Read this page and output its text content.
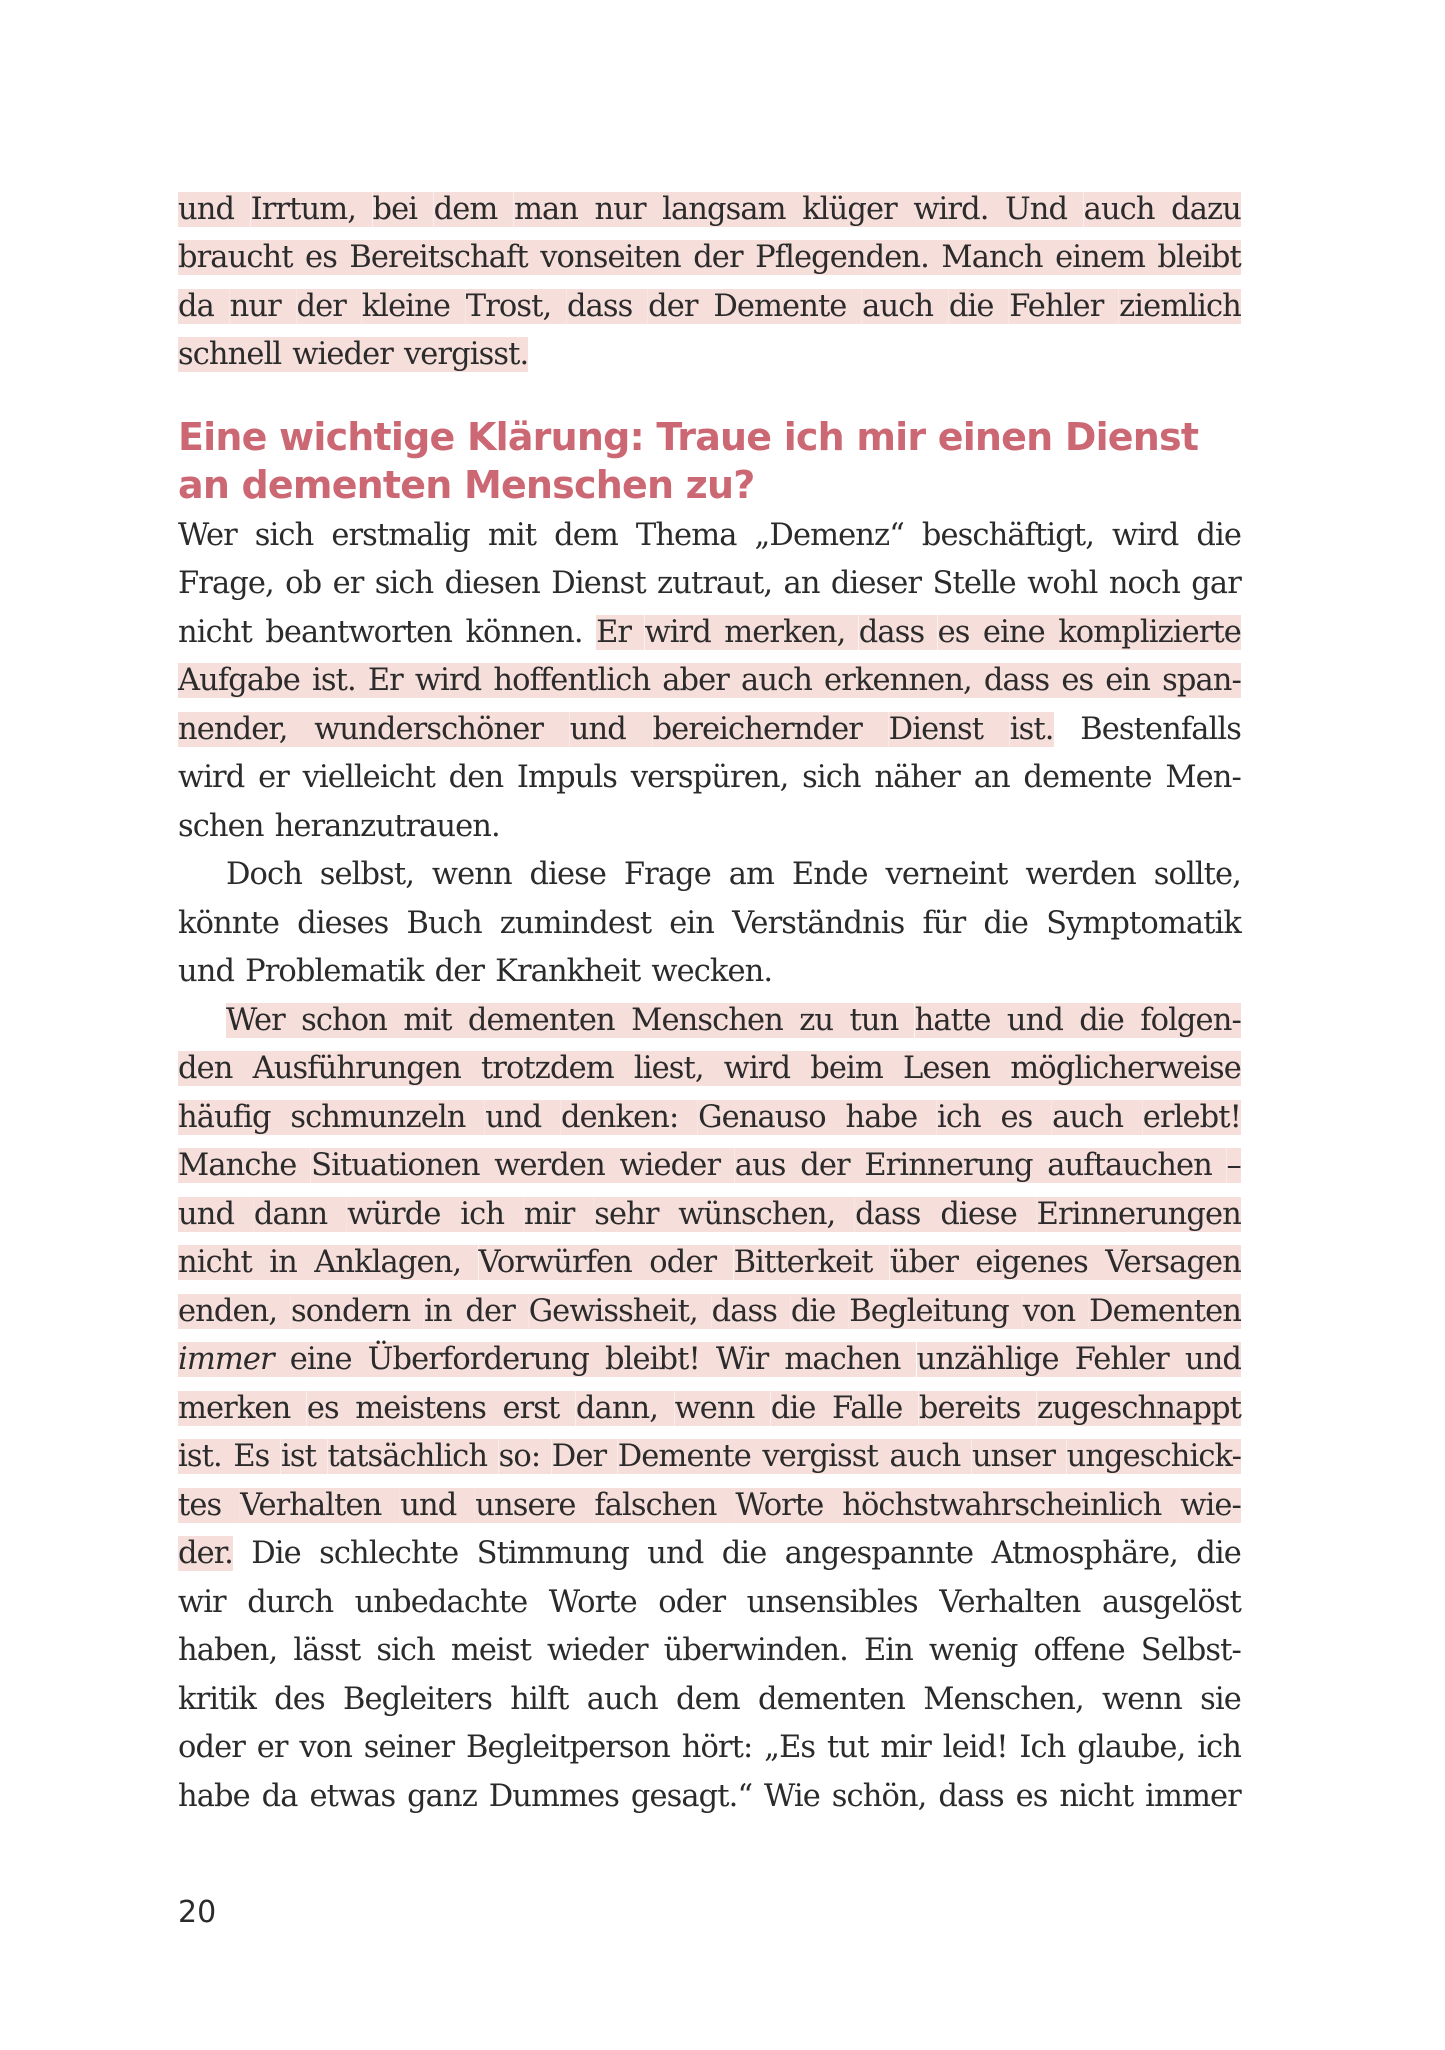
und Irrtum, bei dem man nur langsam klüger wird. Und auch dazu
braucht es Bereitschaft vonseiten der Pflegenden. Manch einem bleibt
da nur der kleine Trost, dass der Demente auch die Fehler ziemlich
schnell wieder vergisst.
Eine wichtige Klärung: Traue ich mir einen Dienst
an dementen Menschen zu?
Wer sich erstmalig mit dem Thema „Demenz“ beschäftigt, wird die
Frage, ob er sich diesen Dienst zutraut, an dieser Stelle wohl noch gar
nicht beantworten können. Er wird merken, dass es eine komplizierte
Aufgabe ist. Er wird hoffentlich aber auch erkennen, dass es ein span-
nender, wunderschöner und bereichernder Dienst ist. Bestenfalls
wird er vielleicht den Impuls verspüren, sich näher an demente Men-
schen heranzutrauen.
Doch selbst, wenn diese Frage am Ende verneint werden sollte,
könnte dieses Buch zumindest ein Verständnis für die Symptomatik
und Problematik der Krankheit wecken.
Wer schon mit dementen Menschen zu tun hatte und die folgen-
den Ausführungen trotzdem liest, wird beim Lesen möglicherweise
häufig schmunzeln und denken: Genauso habe ich es auch erlebt!
Manche Situationen werden wieder aus der Erinnerung auftauchen –
und dann würde ich mir sehr wünschen, dass diese Erinnerungen
nicht in Anklagen, Vorwürfen oder Bitterkeit über eigenes Versagen
enden, sondern in der Gewissheit, dass die Begleitung von Dementen
immer eine Überforderung bleibt! Wir machen unzählige Fehler und
merken es meistens erst dann, wenn die Falle bereits zugeschnappt
ist. Es ist tatsächlich so: Der Demente vergisst auch unser ungeschick-
tes Verhalten und unsere falschen Worte höchstwahrscheinlich wie-
der. Die schlechte Stimmung und die angespannte Atmosphäre, die
wir durch unbedachte Worte oder unsensibles Verhalten ausgelöst
haben, lässt sich meist wieder überwinden. Ein wenig offene Selbst-
kritik des Begleiters hilft auch dem dementen Menschen, wenn sie
oder er von seiner Begleitperson hört: „Es tut mir leid! Ich glaube, ich
habe da etwas ganz Dummes gesagt.“ Wie schön, dass es nicht immer
20
